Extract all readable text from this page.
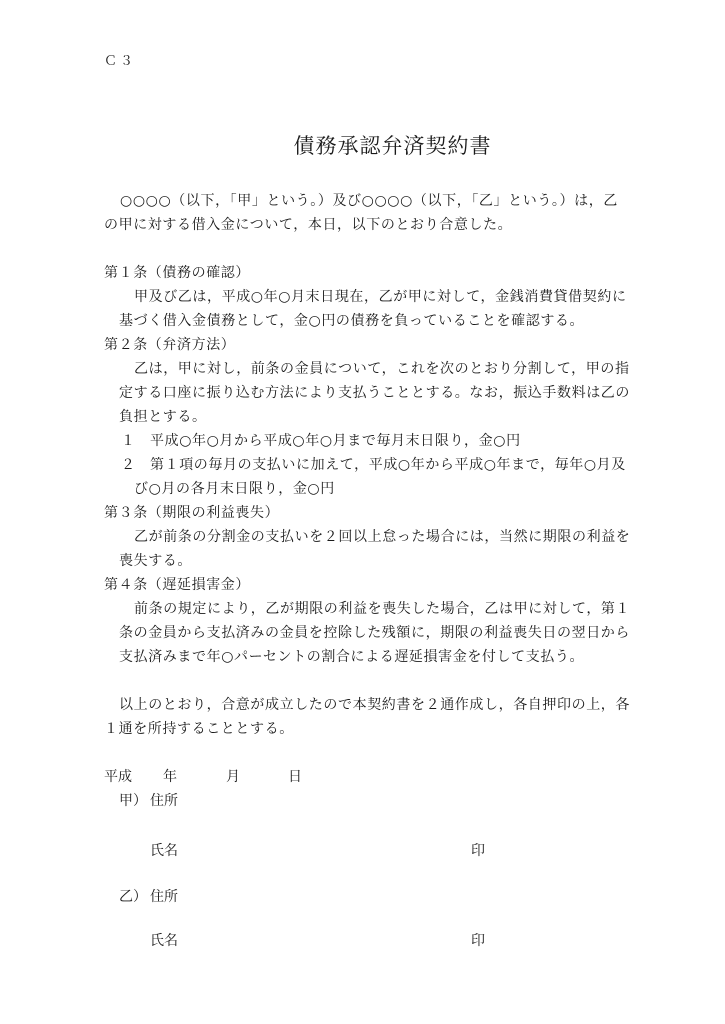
Ｃ３
債務承認弁済契約書
○○○○（以下，「甲」という。）及び○○○○（以下，「乙」という。）は，乙
の甲に対する借入金について，本日，以下のとおり合意した。
第１条（債務の確認）
甲及び乙は，平成○年○月末日現在，乙が甲に対して，金銭消費貸借契約に
基づく借入金債務として，金○円の債務を負っていることを確認する。
第２条（弁済方法）
乙は，甲に対し，前条の金員について，これを次のとおり分割して，甲の指
定する口座に振り込む方法により支払うこととする。なお，振込手数料は乙の
負担とする。
１ 平成○年○月から平成○年○月まで毎月末日限り，金○円
２ 第１項の毎月の支払いに加えて，平成○年から平成○年まで，毎年○月及
び○月の各月末日限り，金○円
第３条（期限の利益喪失）
乙が前条の分割金の支払いを２回以上怠った場合には，当然に期限の利益を
喪失する。
第４条（遅延損害金）
前条の規定により，乙が期限の利益を喪失した場合，乙は甲に対して，第１
条の金員から支払済みの金員を控除した残額に，期限の利益喪失日の翌日から
支払済みまで年○パーセントの割合による遅延損害金を付して支払う。
以上のとおり，合意が成立したので本契約書を２通作成し，各自押印の上，各
１通を所持することとする。
平成 年	月	日
甲） 住所
氏名	印
乙） 住所
氏名	印
